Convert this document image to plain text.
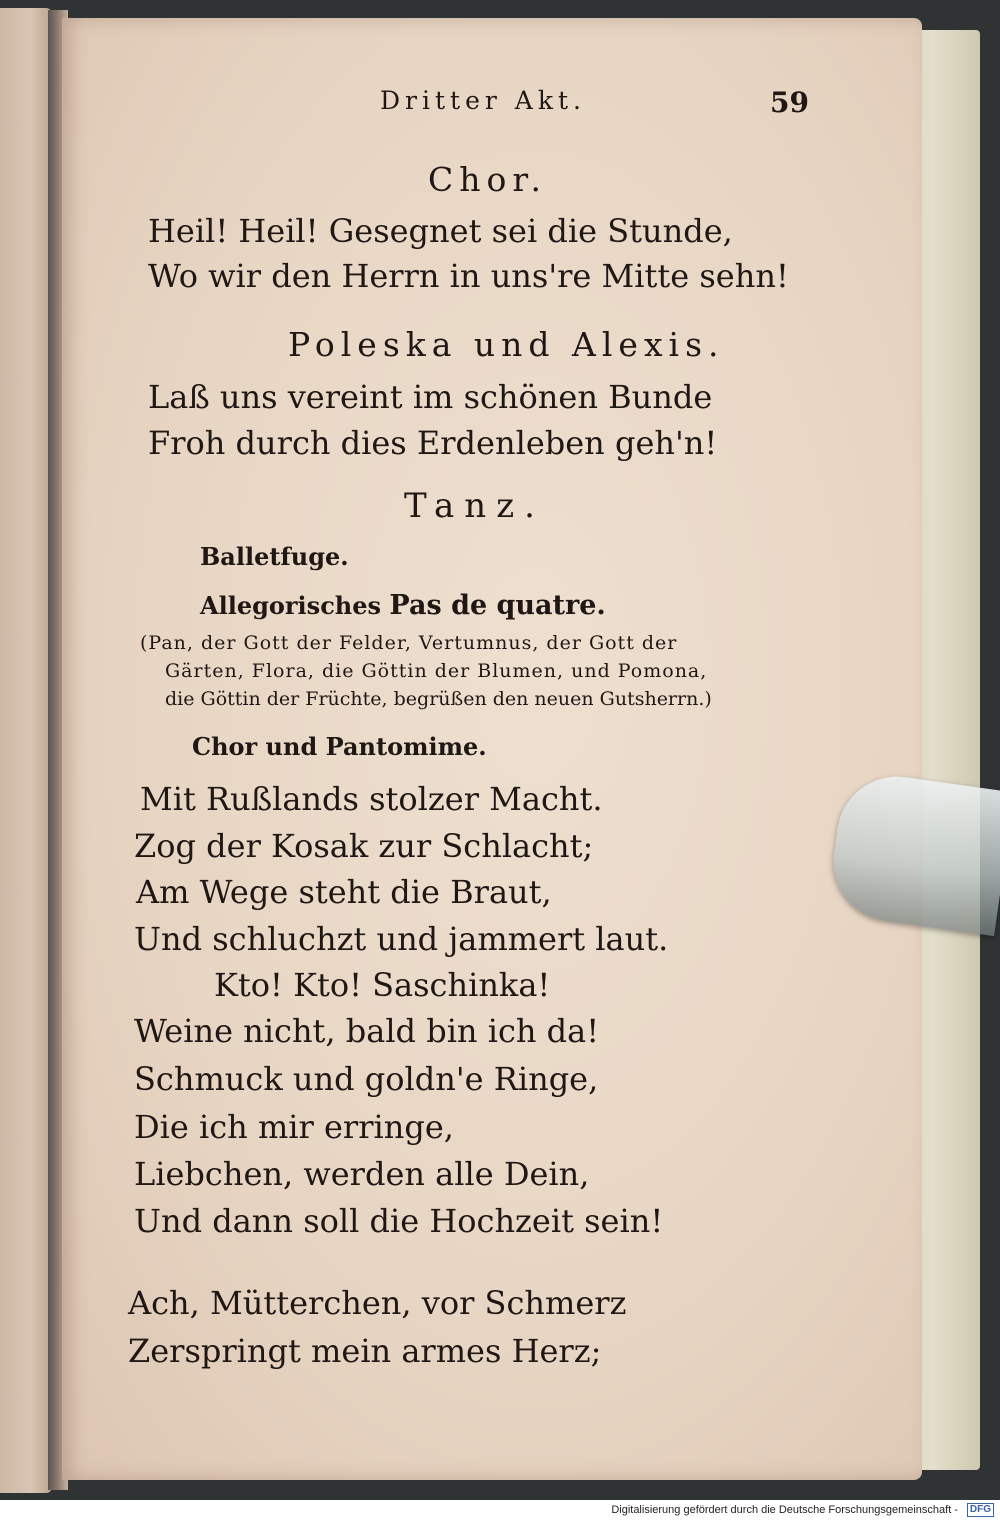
Dritter Akt.	59

Chor.

Heil! Heil! Gesegnet sei die Stunde,

Wo wir den Herrn in uns're Mitte sehn!

Poleska und Alexis.

Laß uns vereint im schönen Bunde

Froh durch dies Erdenleben geh'n!

Tanz.

Balletfuge.

Allegorisches Pas de quatre.

(Pan, der Gott der Felder, Vertumnus, der Gott der

Gärten, Flora, die Göttin der Blumen, und Pomona,

die Göttin der Früchte, begrüßen den neuen Gutsherrn.)

Chor und Pantomime.

Mit Rußlands stolzer Macht.

Zog der Kosak zur Schlacht;

Am Wege steht die Braut,

Und schluchzt und jammert laut.

Kto! Kto! Saschinka!

Weine nicht, bald bin ich da!

Schmuck und goldn'e Ringe,

Die ich mir erringe,

Liebchen, werden alle Dein,

Und dann soll die Hochzeit sein!

Ach, Mütterchen, vor Schmerz

Zerspringt mein armes Herz;

Digitalisierung gefördert durch die Deutsche Forschungsgemeinschaft -	DFG
